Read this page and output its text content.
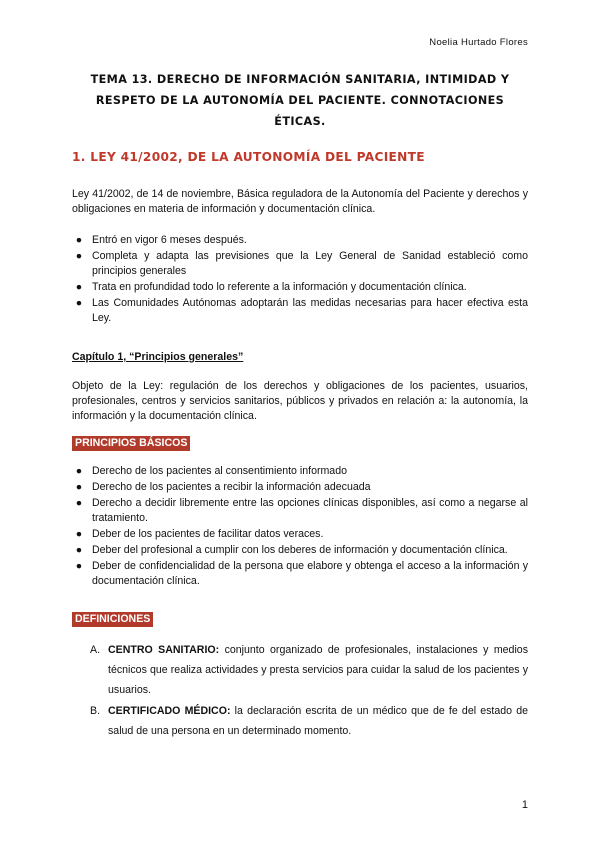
Noelia Hurtado Flores
TEMA 13. DERECHO DE INFORMACIÓN SANITARIA, INTIMIDAD Y RESPETO DE LA AUTONOMÍA DEL PACIENTE. CONNOTACIONES ÉTICAS.
1. LEY 41/2002, DE LA AUTONOMÍA DEL PACIENTE
Ley 41/2002, de 14 de noviembre, Básica reguladora de la Autonomía del Paciente y derechos y obligaciones en materia de información y documentación clínica.
● Entró en vigor 6 meses después.
● Completa y adapta las previsiones que la Ley General de Sanidad estableció como principios generales
● Trata en profundidad todo lo referente a la información y documentación clínica.
● Las Comunidades Autónomas adoptarán las medidas necesarias para hacer efectiva esta Ley.
Capítulo 1, “Principios generales”
Objeto de la Ley: regulación de los derechos y obligaciones de los pacientes, usuarios, profesionales, centros y servicios sanitarios, públicos y privados en relación a: la autonomía, la información y la documentación clínica.
PRINCIPIOS BÁSICOS
● Derecho de los pacientes al consentimiento informado
● Derecho de los pacientes a recibir la información adecuada
● Derecho a decidir libremente entre las opciones clínicas disponibles, así como a negarse al tratamiento.
● Deber de los pacientes de facilitar datos veraces.
● Deber del profesional a cumplir con los deberes de información y documentación clínica.
● Deber de confidencialidad de la persona que elabore y obtenga el acceso a la información y documentación clínica.
DEFINICIONES
A. CENTRO SANITARIO: conjunto organizado de profesionales, instalaciones y medios técnicos que realiza actividades y presta servicios para cuidar la salud de los pacientes y usuarios.
B. CERTIFICADO MÉDICO: la declaración escrita de un médico que de fe del estado de salud de una persona en un determinado momento.
1
